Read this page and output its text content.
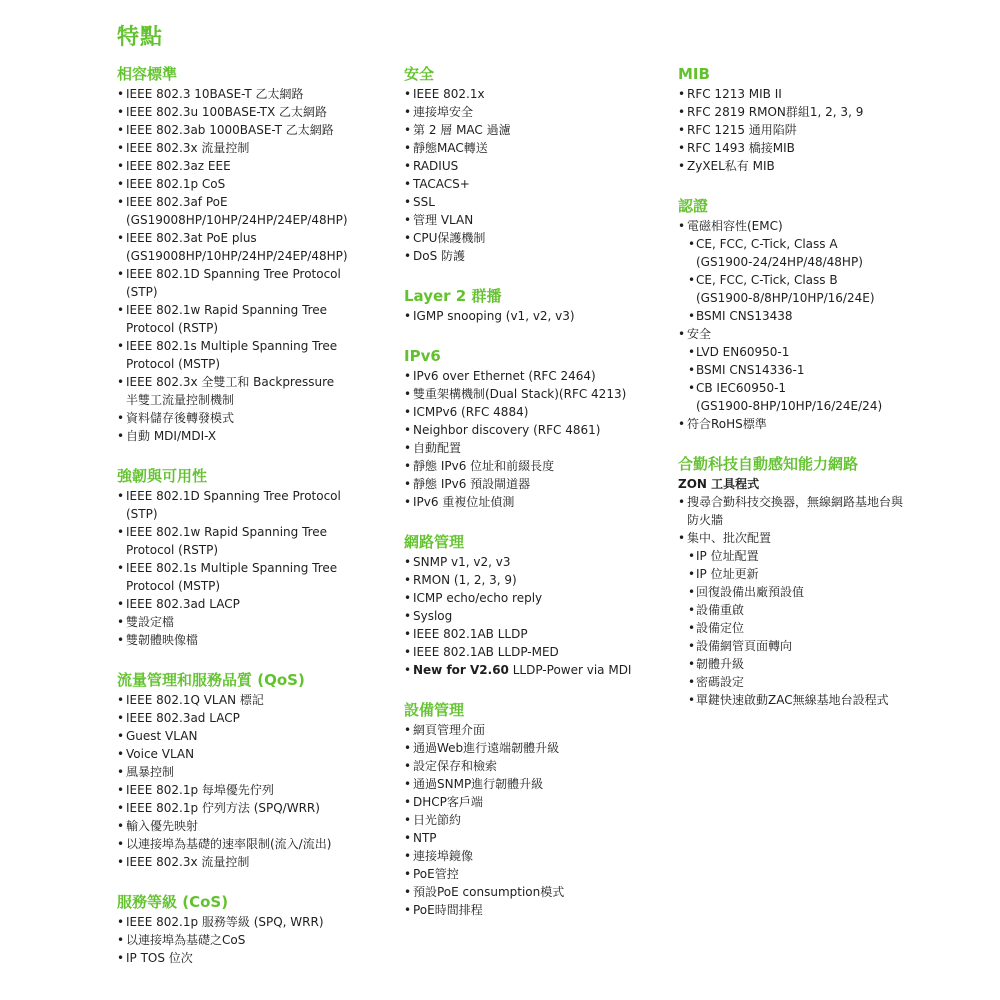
特點
相容標準
• IEEE 802.3 10BASE-T 乙太網路
• IEEE 802.3u 100BASE-TX 乙太網路
• IEEE 802.3ab 1000BASE-T 乙太網路
• IEEE 802.3x 流量控制
• IEEE 802.3az EEE
• IEEE 802.1p CoS
• IEEE 802.3af PoE
(GS19008HP/10HP/24HP/24EP/48HP)
• IEEE 802.3at PoE plus
(GS19008HP/10HP/24HP/24EP/48HP)
• IEEE 802.1D Spanning Tree Protocol
(STP)
• IEEE 802.1w Rapid Spanning Tree
Protocol (RSTP)
• IEEE 802.1s Multiple Spanning Tree
Protocol (MSTP)
• IEEE 802.3x 全雙工和 Backpressure
半雙工流量控制機制
• 資料儲存後轉發模式
• 自動 MDI/MDI-X
強韌與可用性
• IEEE 802.1D Spanning Tree Protocol
(STP)
• IEEE 802.1w Rapid Spanning Tree
Protocol (RSTP)
• IEEE 802.1s Multiple Spanning Tree
Protocol (MSTP)
• IEEE 802.3ad LACP
• 雙設定檔
• 雙韌體映像檔
流量管理和服務品質 (QoS)
• IEEE 802.1Q VLAN 標記
• IEEE 802.3ad LACP
• Guest VLAN
• Voice VLAN
• 風暴控制
• IEEE 802.1p 每埠優先佇列
• IEEE 802.1p 佇列方法 (SPQ/WRR)
• 輸入優先映射
• 以連接埠為基礎的速率限制(流入/流出)
• IEEE 802.3x 流量控制
服務等級 (CoS)
• IEEE 802.1p 服務等級 (SPQ, WRR)
• 以連接埠為基礎之CoS
• IP TOS 位次
安全
• IEEE 802.1x
• 連接埠安全
• 第 2 層 MAC 過濾
• 靜態MAC轉送
• RADIUS
• TACACS+
• SSL
• 管理 VLAN
• CPU保護機制
• DoS 防護
Layer 2 群播
• IGMP snooping (v1, v2, v3)
IPv6
• IPv6 over Ethernet (RFC 2464)
• 雙重架構機制(Dual Stack)(RFC 4213)
• ICMPv6 (RFC 4884)
• Neighbor discovery (RFC 4861)
• 自動配置
• 靜態 IPv6 位址和前綴長度
• 靜態 IPv6 預設閘道器
• IPv6 重複位址偵測
網路管理
• SNMP v1, v2, v3
• RMON (1, 2, 3, 9)
• ICMP echo/echo reply
• Syslog
• IEEE 802.1AB LLDP
• IEEE 802.1AB LLDP-MED
• New for V2.60 LLDP-Power via MDI
設備管理
• 網頁管理介面
• 通過Web進行遠端韌體升級
• 設定保存和檢索
• 通過SNMP進行韌體升級
• DHCP客戶端
• 日光節約
• NTP
• 連接埠鏡像
• PoE管控
• 預設PoE consumption模式
• PoE時間排程
MIB
• RFC 1213 MIB II
• RFC 2819 RMON群組1, 2, 3, 9
• RFC 1215 通用陷阱
• RFC 1493 橋接MIB
• ZyXEL私有 MIB
認證
• 電磁相容性(EMC)
• CE, FCC, C-Tick, Class A
(GS1900-24/24HP/48/48HP)
• CE, FCC, C-Tick, Class B
(GS1900-8/8HP/10HP/16/24E)
• BSMI CNS13438
• 安全
• LVD EN60950-1
• BSMI CNS14336-1
• CB IEC60950-1
(GS1900-8HP/10HP/16/24E/24)
• 符合RoHS標準
合勤科技自動感知能力網路
ZON 工具程式
• 搜尋合勤科技交換器，無線網路基地台與
防火牆
• 集中、批次配置
• IP 位址配置
• IP 位址更新
• 回復設備出廠預設值
• 設備重啟
• 設備定位
• 設備網管頁面轉向
• 韌體升級
• 密碼設定
• 單鍵快速啟動ZAC無線基地台設程式
